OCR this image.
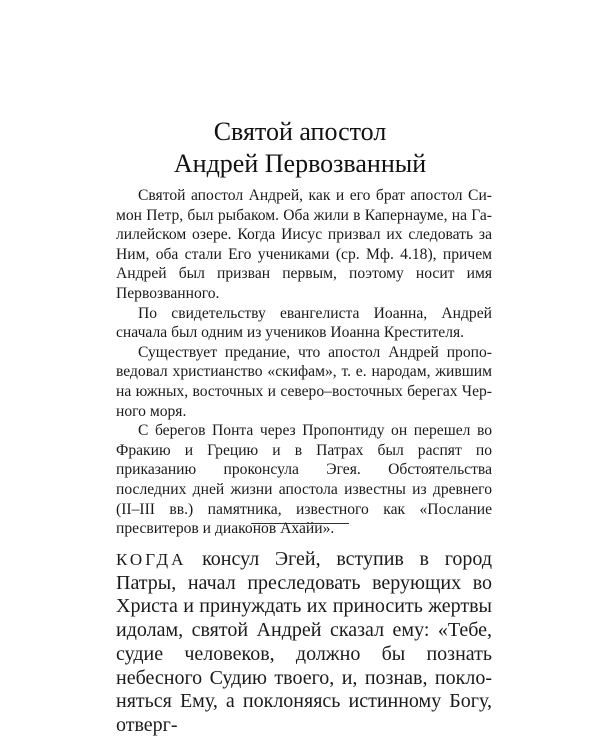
Святой апостол
Андрей Первозванный

Святой апостол Андрей, как и его брат апостол Симон Петр, был рыбаком. Оба жили в Капернауме, на Галилейском озере. Когда Иисус призвал их следовать за Ним, оба стали Его учениками (ср. Мф. 4.18), причем Андрей был призван первым, поэтому носит имя Первозванного.

По свидетельству евангелиста Иоанна, Андрей сначала был одним из учеников Иоанна Крестителя.

Существует предание, что апостол Андрей проповедовал христианство «скифам», т. е. народам, жившим на южных, восточных и северо–восточных берегах Черного моря.

С берегов Понта через Пропонтиду он перешел во Фракию и Грецию и в Патрах был распят по приказанию проконсула Эгея. Обстоятельства последних дней жизни апостола известны из древнего (II–III вв.) памятника, известного как «Послание пресвитеров и диаконов Ахайи».

КОГДА консул Эгей, вступив в город Патры, начал преследовать верующих во Христа и принуждать их приносить жертвы идолам, святой Андрей сказал ему: «Тебе, судие человеков, должно бы познать небесного Судию твоего, и, познав, поклоняться Ему, а поклоняясь истинному Богу, отверг-
